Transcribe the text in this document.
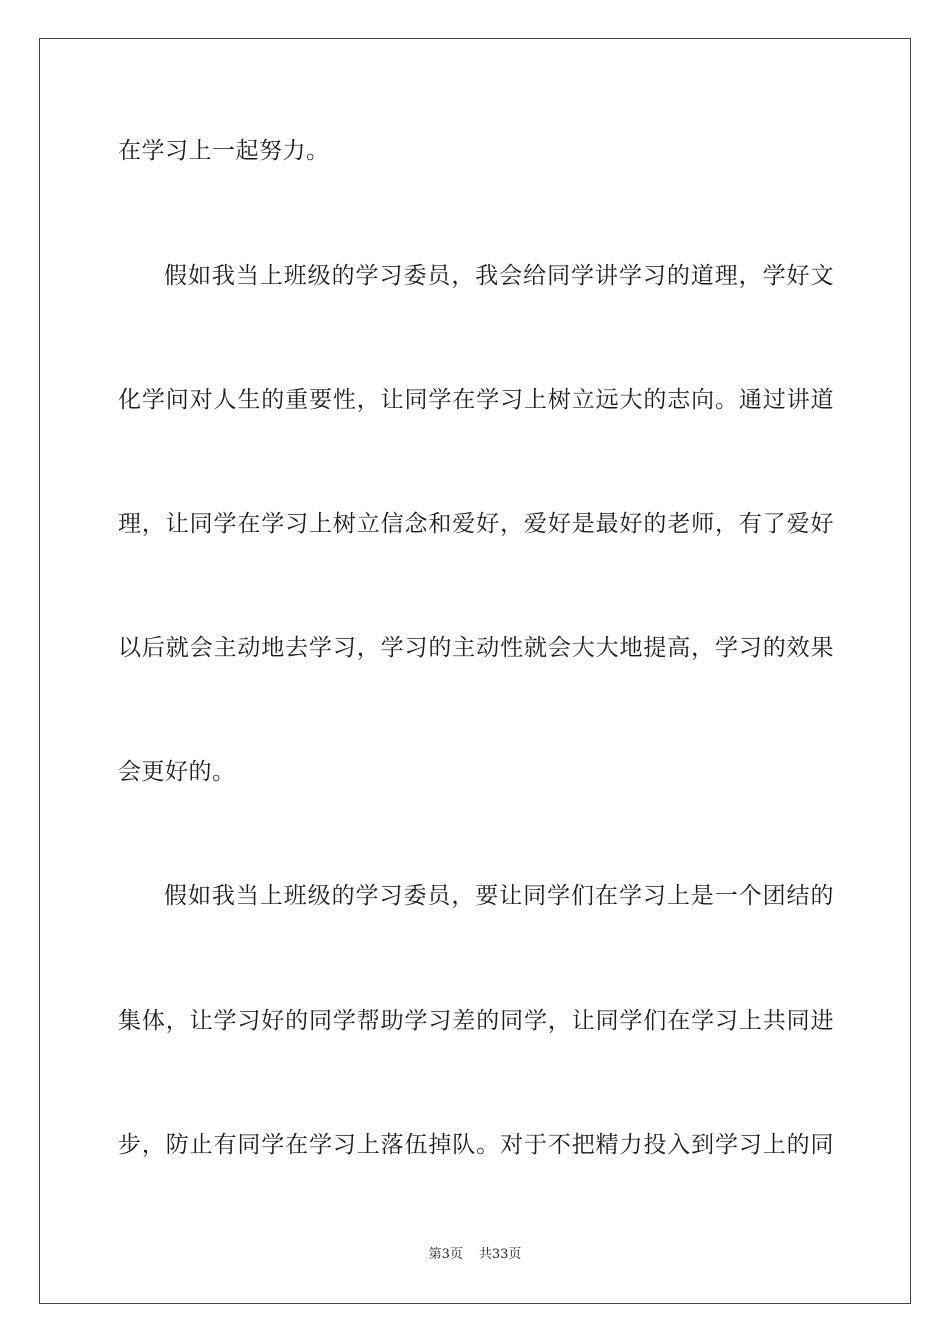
在学习上一起努力。
假如我当上班级的学习委员，我会给同学讲学习的道理，学好文
化学问对人生的重要性，让同学在学习上树立远大的志向。通过讲道
理，让同学在学习上树立信念和爱好，爱好是最好的老师，有了爱好
以后就会主动地去学习，学习的主动性就会大大地提高，学习的效果
会更好的。
假如我当上班级的学习委员，要让同学们在学习上是一个团结的
集体，让学习好的同学帮助学习差的同学，让同学们在学习上共同进
步，防止有同学在学习上落伍掉队。对于不把精力投入到学习上的同
第3页 共33页
